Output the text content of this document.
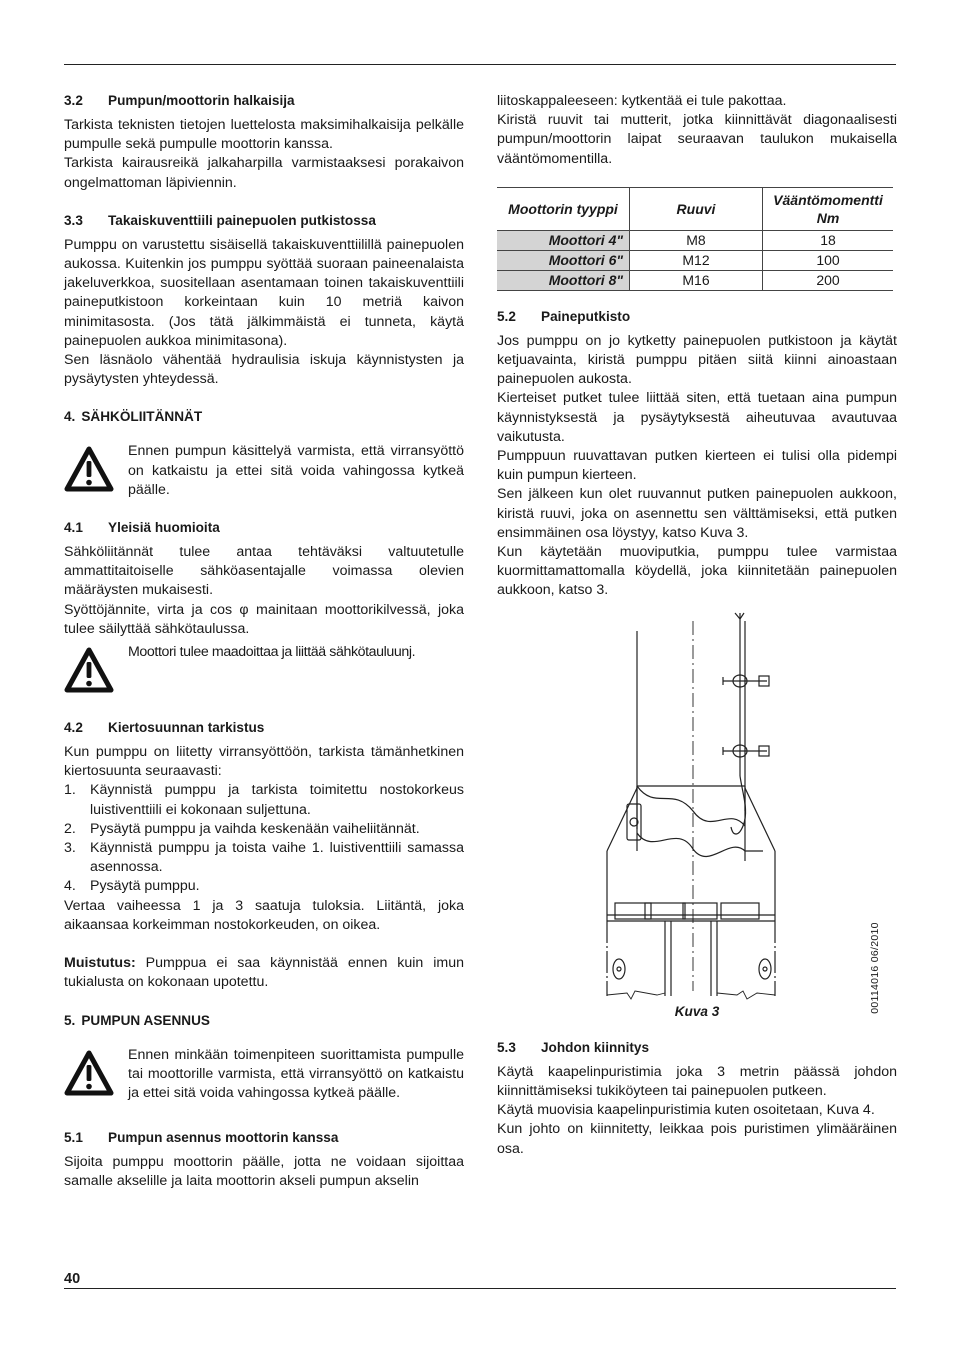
3.2 Pumpun/moottorin halkaisija

Tarkista teknisten tietojen luettelosta maksimihalkaisija pelkälle pumpulle sekä pumpulle moottorin kanssa.

Tarkista kairausreikä jalkaharpilla varmistaaksesi porakaivon ongelmattoman läpiviennin.

3.3 Takaiskuventtiili painepuolen putkistossa

Pumppu on varustettu sisäisellä takaiskuventtiilillä painepuolen aukossa. Kuitenkin jos pumppu syöttää suoraan paineenalaista jakeluverkkoa, suositellaan asentamaan toinen takaiskuventtiili paineputkistoon korkeintaan kuin 10 metriä kaivon minimitasosta. (Jos tätä jälkimmäistä ei tunneta, käytä painepuolen aukkoa minimitasona).

Sen läsnäolo vähentää hydraulisia iskuja käynnistysten ja pysäytysten yhteydessä.

4. SÄHKÖLIITÄNNÄT

Ennen pumpun käsittelyä varmista, että virransyöttö on katkaistu ja ettei sitä voida vahingossa kytkeä päälle.

4.1 Yleisiä huomioita

Sähköliitännät tulee antaa tehtäväksi valtuutetulle ammattitaitoiselle sähköasentajalle voimassa olevien määräysten mukaisesti.

Syöttöjännite, virta ja cos φ mainitaan moottorikilvessä, joka tulee säilyttää sähkötaulussa.

Moottori tulee maadoittaa ja liittää sähkötauluunj.

4.2 Kiertosuunnan tarkistus

Kun pumppu on liitetty virransyöttöön, tarkista tämänhetkinen kiertosuunta seuraavasti:

1. Käynnistä pumppu ja tarkista toimitettu nostokorkeus luistiventtiili ei kokonaan suljettuna.
2. Pysäytä pumppu ja vaihda keskenään vaiheliitännät.
3. Käynnistä pumppu ja toista vaihe 1. luistiventtiili samassa asennossa.
4. Pysäytä pumppu.

Vertaa vaiheessa 1 ja 3 saatuja tuloksia. Liitäntä, joka aikaansaa korkeimman nostokorkeuden, on oikea.

Muistutus: Pumppua ei saa käynnistää ennen kuin imun tukialusta on kokonaan upotettu.

5. PUMPUN ASENNUS

Ennen minkään toimenpiteen suorittamista pumpulle tai moottorille varmista, että virransyöttö on katkaistu ja ettei sitä voida vahingossa kytkeä päälle.

5.1 Pumpun asennus moottorin kanssa

Sijoita pumppu moottorin päälle, jotta ne voidaan sijoittaa samalle akselille ja laita moottorin akseli pumpun akselin

liitoskappaleeseen: kytkentää ei tule pakottaa.

Kiristä ruuvit tai mutterit, jotka kiinnittävät diagonaalisesti pumpun/moottorin laipat seuraavan taulukon mukaisella vääntömomentilla.

Moottorin tyyppi	Ruuvi	Vääntömomentti Nm
Moottori 4"	M8	18
Moottori 6"	M12	100
Moottori 8"	M16	200
5.2 Paineputkisto

Jos pumppu on jo kytketty painepuolen putkistoon ja käytät ketjuavainta, kiristä pumppu pitäen siitä kiinni ainoastaan painepuolen aukosta.

Kierteiset putket tulee liittää siten, että tuetaan aina pumpun käynnistyksestä ja pysäytyksestä aiheutuvaa avautuvaa vaikutusta.

Pumppuun ruuvattavan putken kierteen ei tulisi olla pidempi kuin pumpun kierteen.

Sen jälkeen kun olet ruuvannut putken painepuolen aukkoon, kiristä ruuvi, joka on asennettu sen välttämiseksi, että putken ensimmäinen osa löystyy, katso Kuva 3.

Kun käytetään muoviputkia, pumppu tulee varmistaa kuormittamattomalla köydellä, joka kiinnitetään painepuolen aukkoon, katso 3.

Kuva 3
5.3 Johdon kiinnitys

Käytä kaapelinpuristimia joka 3 metrin päässä johdon kiinnittämiseksi tukiköyteen tai painepuolen putkeen.

Käytä muovisia kaapelinpuristimia kuten osoitetaan, Kuva 4.

Kun johto on kiinnitetty, leikkaa pois puristimen ylimääräinen osa.

00114016 06/2010
40
